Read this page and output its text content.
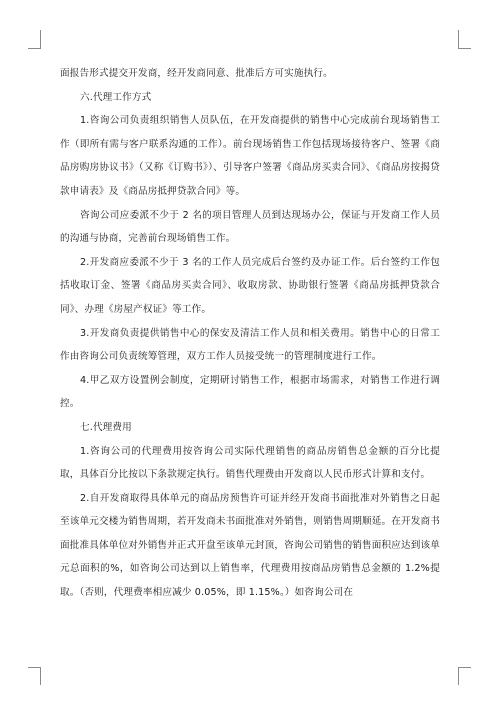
面报告形式提交开发商，经开发商同意、批准后方可实施执行。

六.代理工作方式

1.咨询公司负责组织销售人员队伍，在开发商提供的销售中心完成前台现场销售工作（即所有需与客户联系沟通的工作）。前台现场销售工作包括现场接待客户、签署《商品房购房协议书》（又称《订购书》）、引导客户签署《商品房买卖合同》、《商品房按揭贷款申请表》及《商品房抵押贷款合同》等。

咨询公司应委派不少于 2 名的项目管理人员到达现场办公，保证与开发商工作人员的沟通与协商，完善前台现场销售工作。

2.开发商应委派不少于 3 名的工作人员完成后台签约及办证工作。后台签约工作包括收取订金、签署《商品房买卖合同》、收取房款、协助银行签署《商品房抵押贷款合同》、办理《房屋产权证》等工作。

3.开发商负责提供销售中心的保安及清洁工作人员和相关费用。销售中心的日常工作由咨询公司负责统筹管理，双方工作人员接受统一的管理制度进行工作。

4.甲乙双方设置例会制度，定期研讨销售工作，根据市场需求，对销售工作进行调控。

七.代理费用

1.咨询公司的代理费用按咨询公司实际代理销售的商品房销售总金额的百分比提取，具体百分比按以下条款规定执行。销售代理费由开发商以人民币形式计算和支付。

2.自开发商取得具体单元的商品房预售许可证并经开发商书面批准对外销售之日起至该单元交楼为销售周期，若开发商未书面批准对外销售，则销售周期顺延。在开发商书面批准具体单位对外销售并正式开盘至该单元封顶，咨询公司销售的销售面积应达到该单元总面积的%，如咨询公司达到以上销售率，代理费用按商品房销售总金额的 1.2%提取。（否则，代理费率相应减少 0.05%，即 1.15%。）如咨询公司在
